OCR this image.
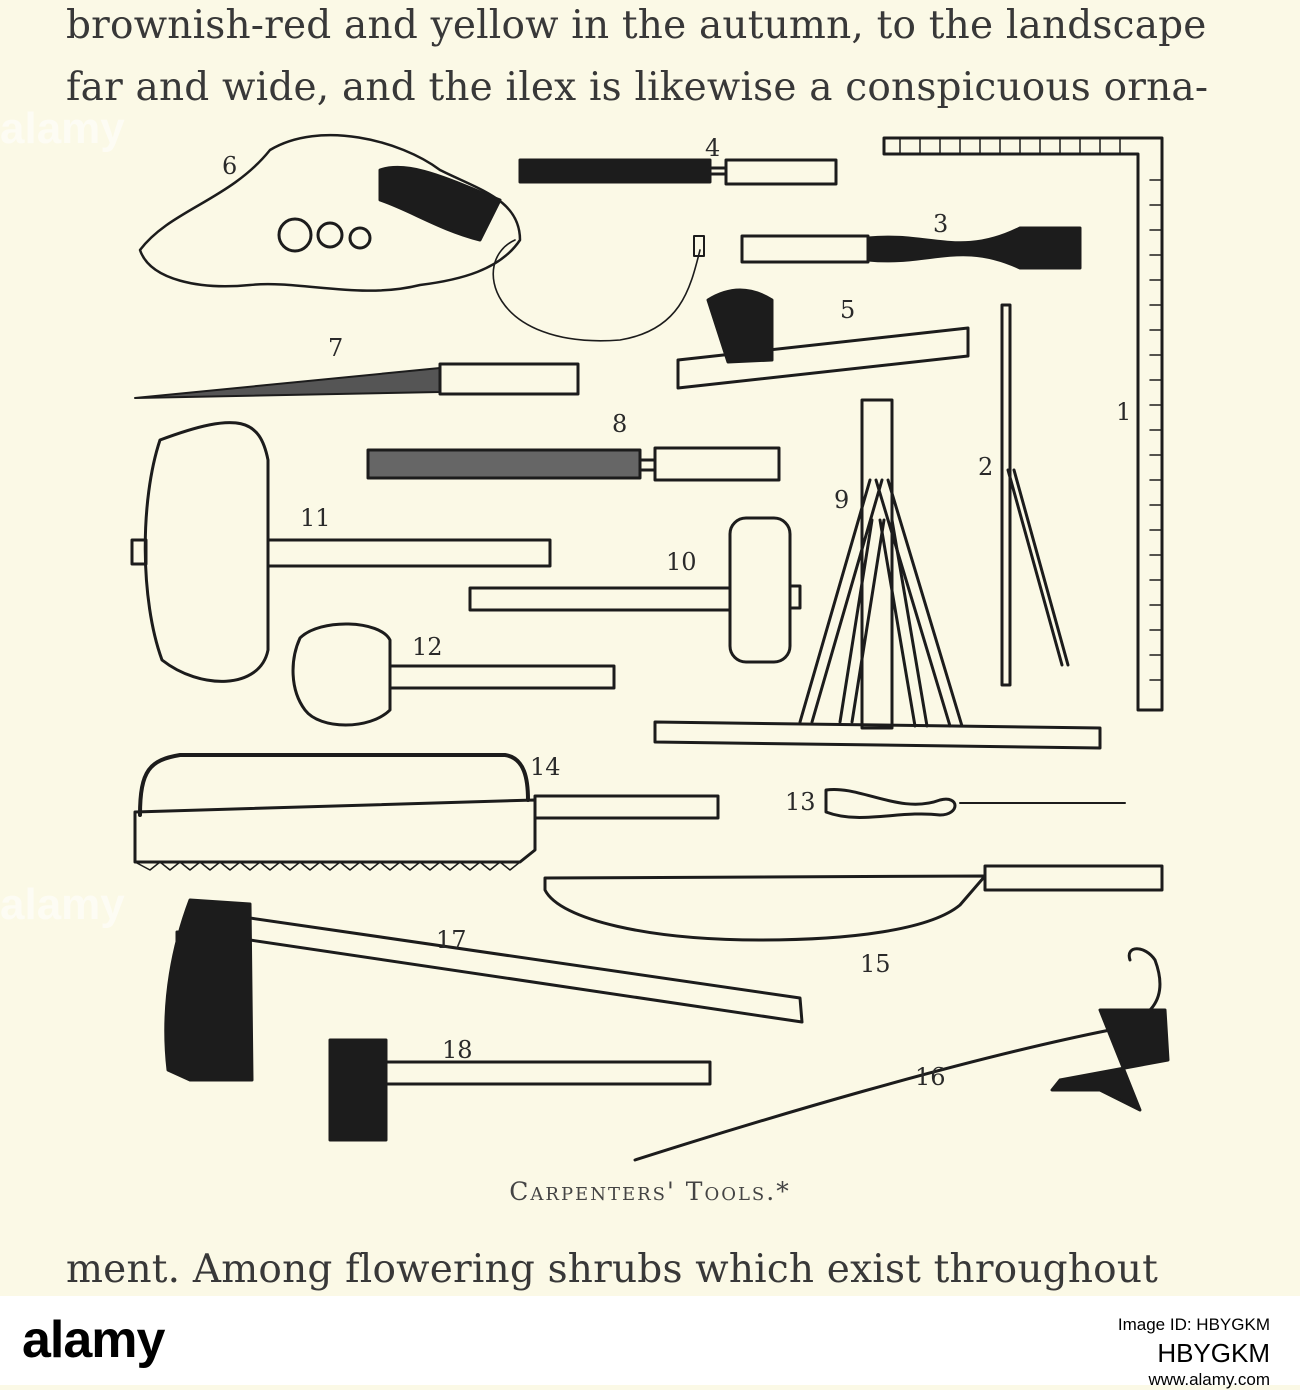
brownish-red and yellow in the autumn, to the landscape
far and wide, and the ilex is likewise a conspicuous orna-
1
2
3
4
5
6
7
8
9
10
11
12
13
14
15
16
17
18
Carpenters' Tools.*
alamy
alamy
ment. Among flowering shrubs which exist throughout
alamy	Image ID: HBYGKM
HBYGKM
www.alamy.com
